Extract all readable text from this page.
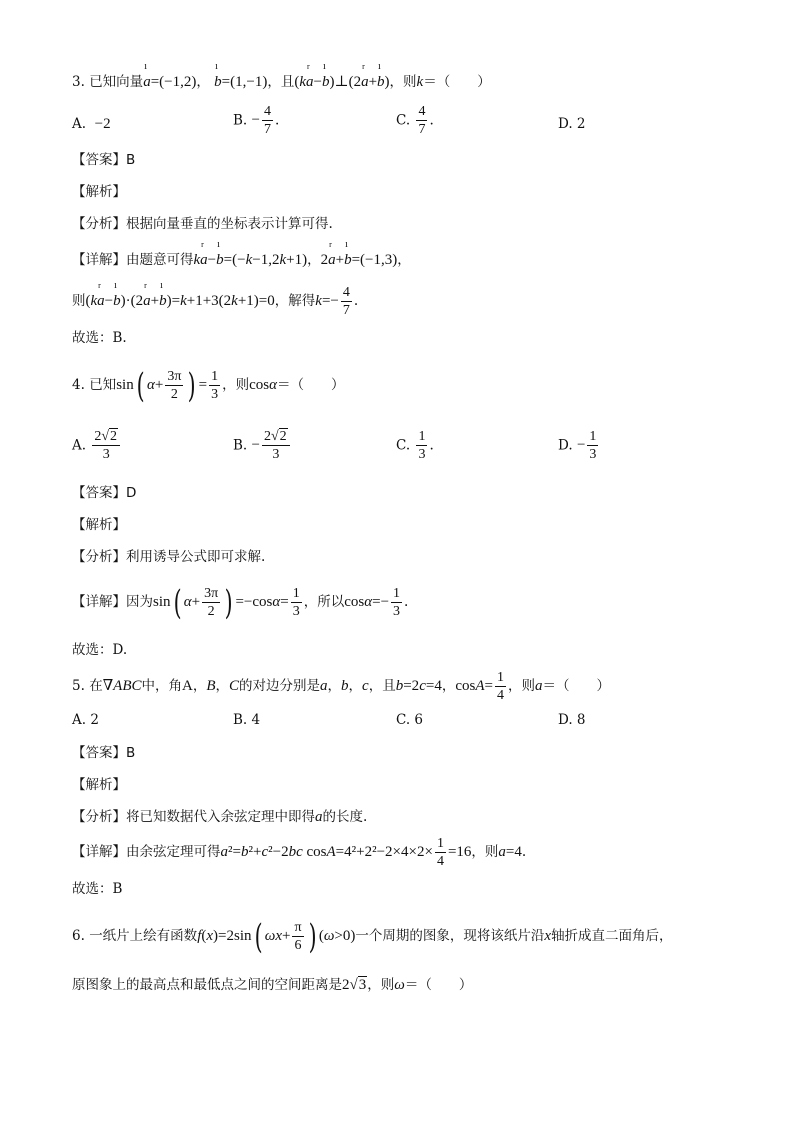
3. 已知向量ı a=(−1,2)， ı b=(1,−1)，且(kr a−ı b)⊥(2r a+ı b)，则k＝（　　）
A. −2	B. − $\frac{4}{7}$ .	C. $\frac{4}{7}$ .	D. 2
【答案】B
【解析】
【分析】根据向量垂直的坐标表示计算可得.
【详解】由题意可得kr a−ı b=(−k−1,2k+1)，2r a+ı b=(−1,3)，
则(kr a−ı b)·(2r a+ı b)=k+1+3(2k+1)=0，解得$k=- \frac{4}{7}$ .
故选：B.
4. 已知sin( $\alpha+ \frac{3\pi}{2}$ ) = $\frac{1}{3}$ ，则cosα＝（　　）
A. $\frac{2√2}{3}$	B. − $\frac{2√2}{3}$	C. $\frac{1}{3}$ .	D. − $\frac{1}{3}$
【答案】D
【解析】
【分析】利用诱导公式即可求解.
【详解】因为sin( $\alpha+ \frac{3\pi}{2}$ ) $=-\cos\alpha= \frac{1}{3}$ ，所以$\cos\alpha=- \frac{1}{3}$ .
故选：D.
5. 在∇ABC中，角A，B，C的对边分别是a，b，c，且b=2c=4，$\cos A= \frac{1}{4}$ ，则a＝（　　）
A. 2	B. 4	C. 6	D. 8
【答案】B
【解析】
【分析】将已知数据代入余弦定理中即得a的长度.
【详解】由余弦定理可得a²=b²+c²−2bc $\cos A=4^2+2^2-2\times 4\times 2\times \frac{1}{4} =16$，则a=4.
故选：B
6. 一纸片上绘有函数f(x)=2sin( $\omega x+ \frac{\pi}{6}$ ) (ω>0)一个周期的图象，现将该纸片沿x轴折成直二面角后，
原图象上的最高点和最低点之间的空间距离是2√3，则ω＝（　　）
